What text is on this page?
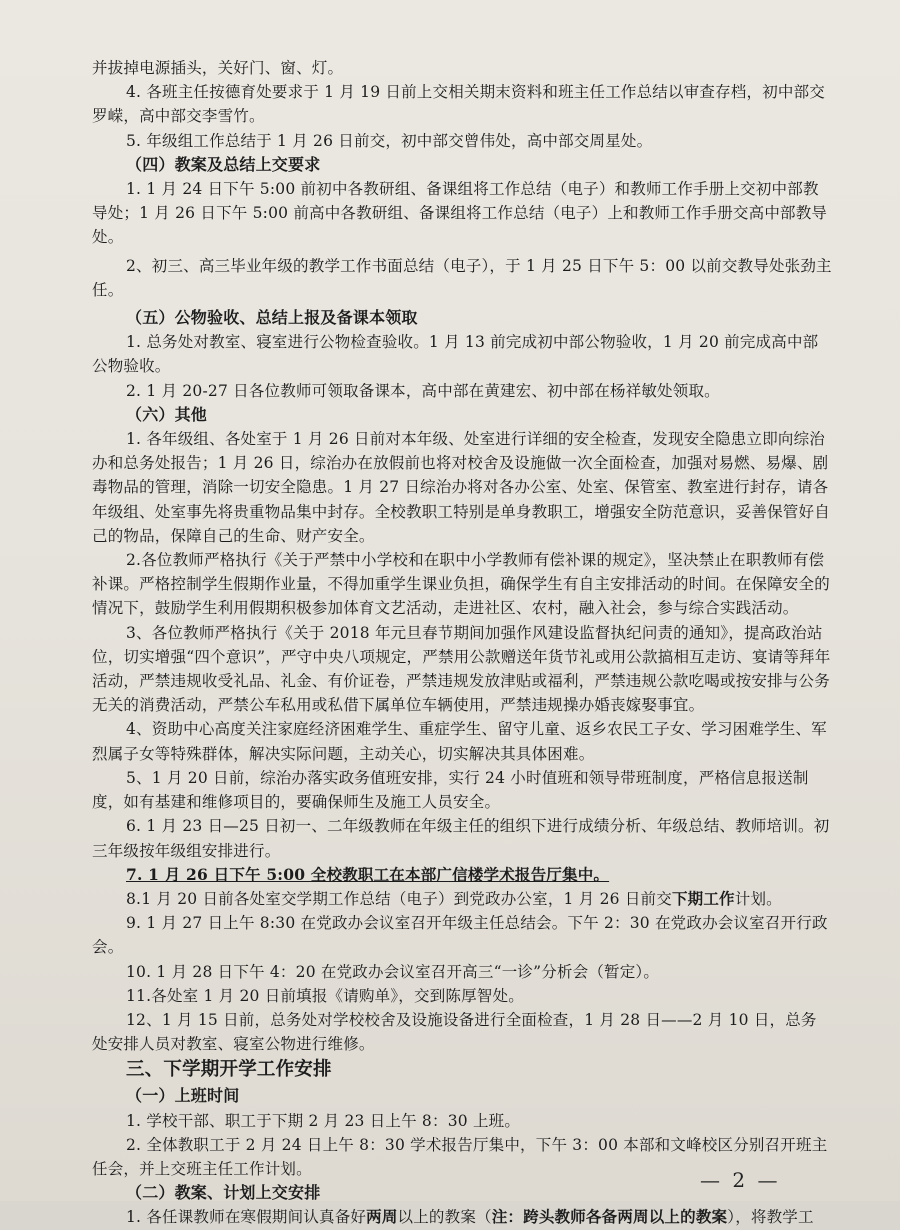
并拔掉电源插头，关好门、窗、灯。

4. 各班主任按德育处要求于 1 月 19 日前上交相关期末资料和班主任工作总结以审查存档，初中部交罗嵘，高中部交李雪竹。

5. 年级组工作总结于 1 月 26 日前交，初中部交曾伟处，高中部交周星处。

（四）教案及总结上交要求

1. 1 月 24 日下午 5:00 前初中各教研组、备课组将工作总结（电子）和教师工作手册上交初中部教导处；1 月 26 日下午 5:00 前高中各教研组、备课组将工作总结（电子）上和教师工作手册交高中部教导处。

2、初三、高三毕业年级的教学工作书面总结（电子），于 1 月 25 日下午 5：00 以前交教导处张劲主任。

（五）公物验收、总结上报及备课本领取

1. 总务处对教室、寝室进行公物检查验收。1 月 13 前完成初中部公物验收，1 月 20 前完成高中部公物验收。

2. 1 月 20-27 日各位教师可领取备课本，高中部在黄建宏、初中部在杨祥敏处领取。

（六）其他

1. 各年级组、各处室于 1 月 26 日前对本年级、处室进行详细的安全检查，发现安全隐患立即向综治办和总务处报告；1 月 26 日，综治办在放假前也将对校舍及设施做一次全面检查，加强对易燃、易爆、剧毒物品的管理，消除一切安全隐患。1 月 27 日综治办将对各办公室、处室、保管室、教室进行封存，请各年级组、处室事先将贵重物品集中封存。全校教职工特别是单身教职工，增强安全防范意识，妥善保管好自己的物品，保障自己的生命、财产安全。

2.各位教师严格执行《关于严禁中小学校和在职中小学教师有偿补课的规定》，坚决禁止在职教师有偿补课。严格控制学生假期作业量，不得加重学生课业负担，确保学生有自主安排活动的时间。在保障安全的情况下，鼓励学生利用假期积极参加体育文艺活动，走进社区、农村，融入社会，参与综合实践活动。

3、各位教师严格执行《关于 2018 年元旦春节期间加强作风建设监督执纪问责的通知》，提高政治站位，切实增强“四个意识”，严守中央八项规定，严禁用公款赠送年货节礼或用公款搞相互走访、宴请等拜年活动，严禁违规收受礼品、礼金、有价证卷，严禁违规发放津贴或福利，严禁违规公款吃喝或按安排与公务无关的消费活动，严禁公车私用或私借下属单位车辆使用，严禁违规操办婚丧嫁娶事宜。

4、资助中心高度关注家庭经济困难学生、重症学生、留守儿童、返乡农民工子女、学习困难学生、军烈属子女等特殊群体，解决实际问题，主动关心，切实解决其具体困难。

5、1 月 20 日前，综治办落实政务值班安排，实行 24 小时值班和领导带班制度，严格信息报送制度，如有基建和维修项目的，要确保师生及施工人员安全。

6. 1 月 23 日—25 日初一、二年级教师在年级主任的组织下进行成绩分析、年级总结、教师培训。初三年级按年级组安排进行。

7. 1 月 26 日下午 5:00 全校教职工在本部广信楼学术报告厅集中。

8.1 月 20 日前各处室交学期工作总结（电子）到党政办公室，1 月 26 日前交下期工作计划。

9. 1 月 27 日上午 8:30 在党政办会议室召开年级主任总结会。下午 2：30 在党政办会议室召开行政会。

10. 1 月 28 日下午 4：20 在党政办会议室召开高三“一诊”分析会（暂定）。

11.各处室 1 月 20 日前填报《请购单》，交到陈厚智处。

12、1 月 15 日前，总务处对学校校舍及设施设备进行全面检查，1 月 28 日——2 月 10 日，总务处安排人员对教室、寝室公物进行维修。

三、下学期开学工作安排

（一）上班时间

1. 学校干部、职工于下期 2 月 23 日上午 8：30 上班。

2. 全体教职工于 2 月 24 日上午 8：30 学术报告厅集中，下午 3：00 本部和文峰校区分别召开班主任会，并上交班主任工作计划。

（二）教案、计划上交安排

1. 各任课教师在寒假期间认真备好两周以上的教案（注：跨头教师各备两周以上的教案），将教学工

— 2 —
